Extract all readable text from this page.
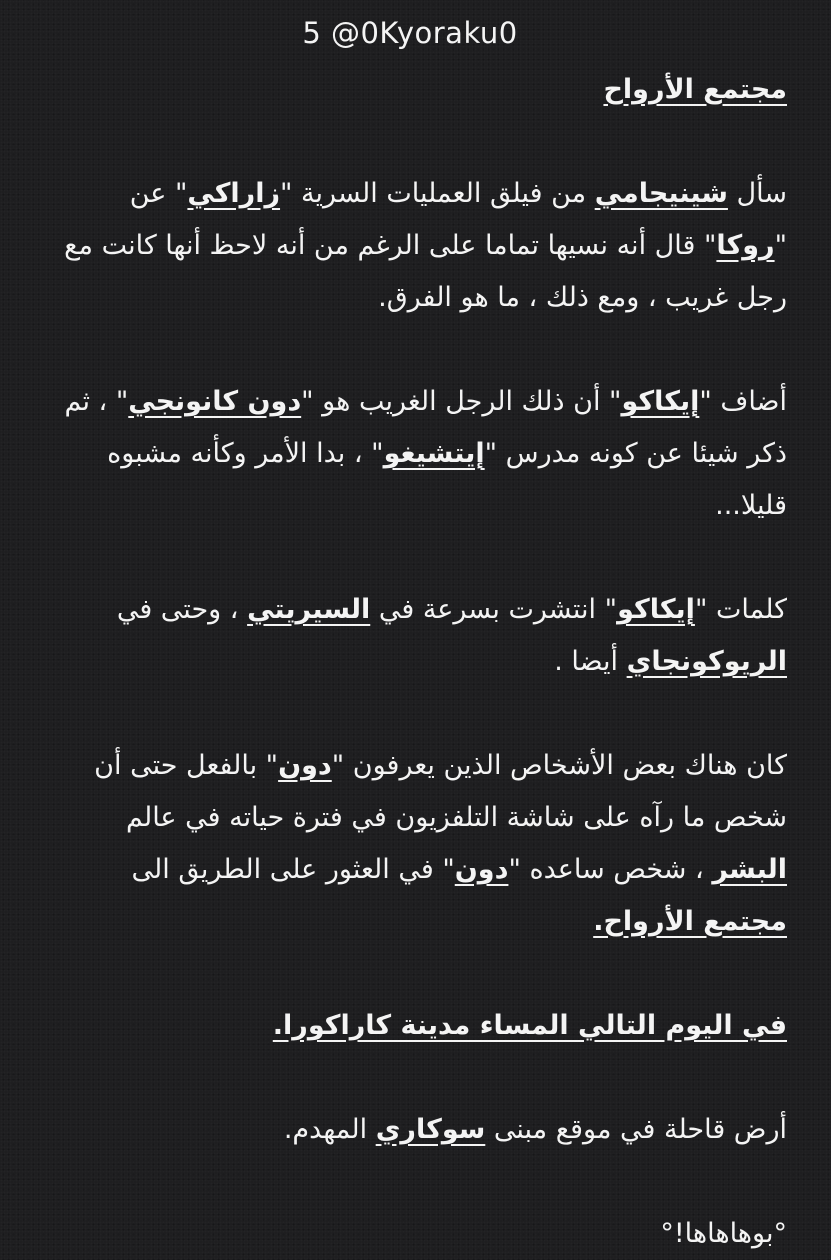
5 @0Kyoraku0

مجتمع الأرواح

سأل شينيجامي من فيلق العمليات السرية "زاراكي" عن "روكا" قال أنه نسيها تماما على الرغم من أنه لاحظ أنها كانت مع رجل غريب ، ومع ذلك ، ما هو الفرق.

أضاف "إيكاكو" أن ذلك الرجل الغريب هو "دون كانونجي" ، ثم ذكر شيئا عن كونه مدرس "إيتشيغو" ، بدا الأمر وكأنه مشبوه قليلا...

كلمات "إيكاكو" انتشرت بسرعة في السيريتي ، وحتى في الريوكونجاي أيضا .

كان هناك بعض الأشخاص الذين يعرفون "دون" بالفعل حتى أن شخص ما رآه على شاشة التلفزيون في فترة حياته في عالم البشر ، شخص ساعده "دون" في العثور على الطريق الى مجتمع الأرواح.

في اليوم التالي المساء مدينة كاراكورا.

أرض قاحلة في موقع مبنى سوكاري المهدم.

°بوهاهاها!°
